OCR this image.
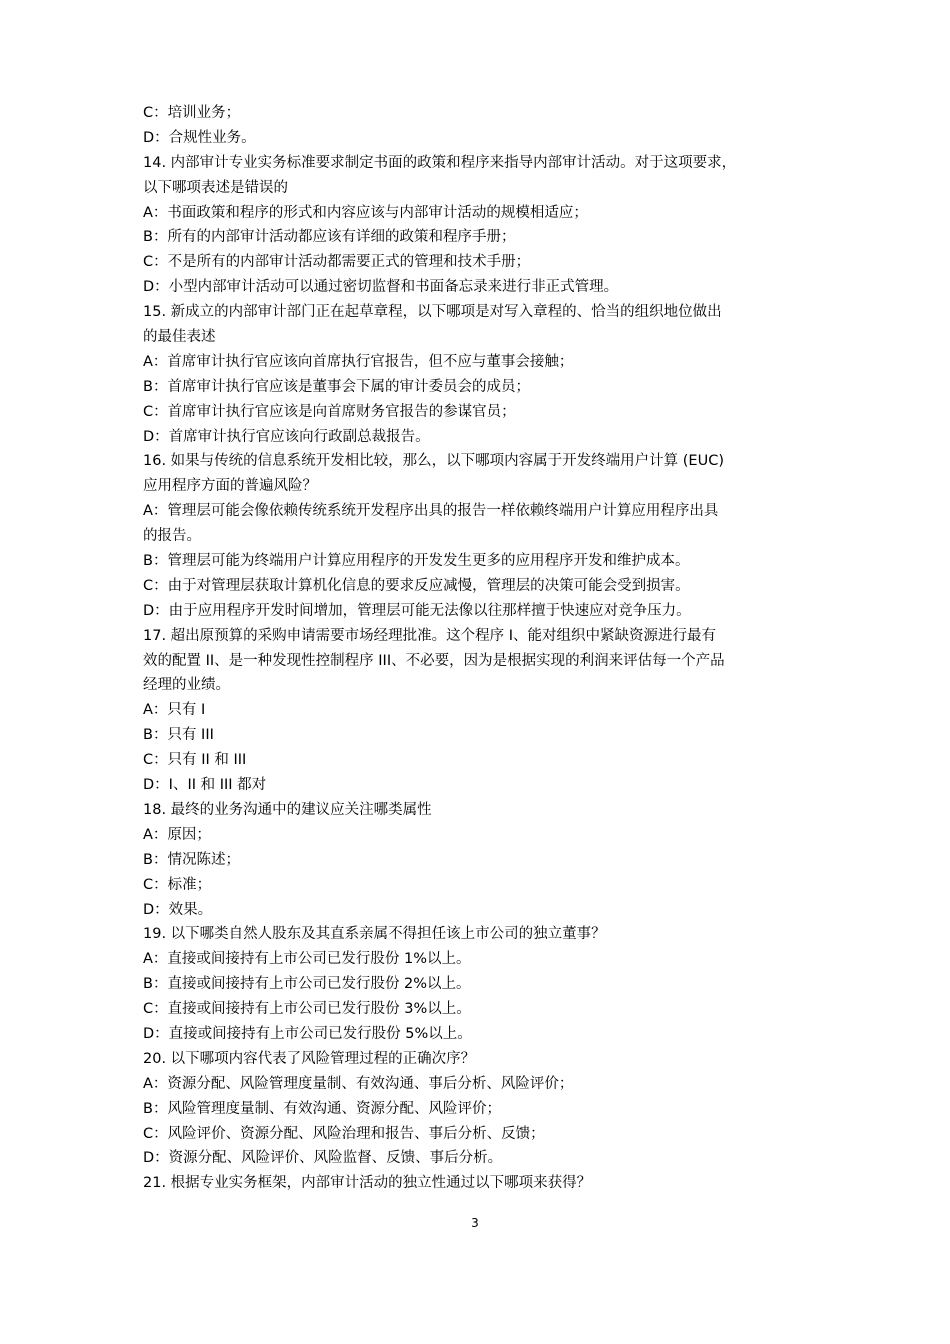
C：培训业务；
D：合规性业务。
14. 内部审计专业实务标准要求制定书面的政策和程序来指导内部审计活动。对于这项要求，
以下哪项表述是错误的
A：书面政策和程序的形式和内容应该与内部审计活动的规模相适应；
B：所有的内部审计活动都应该有详细的政策和程序手册；
C：不是所有的内部审计活动都需要正式的管理和技术手册；
D：小型内部审计活动可以通过密切监督和书面备忘录来进行非正式管理。
15. 新成立的内部审计部门正在起草章程，以下哪项是对写入章程的、恰当的组织地位做出
的最佳表述
A：首席审计执行官应该向首席执行官报告，但不应与董事会接触；
B：首席审计执行官应该是董事会下属的审计委员会的成员；
C：首席审计执行官应该是向首席财务官报告的参谋官员；
D：首席审计执行官应该向行政副总裁报告。
16. 如果与传统的信息系统开发相比较，那么，以下哪项内容属于开发终端用户计算 (EUC)
应用程序方面的普遍风险？
A：管理层可能会像依赖传统系统开发程序出具的报告一样依赖终端用户计算应用程序出具
的报告。
B：管理层可能为终端用户计算应用程序的开发发生更多的应用程序开发和维护成本。
C：由于对管理层获取计算机化信息的要求反应减慢，管理层的决策可能会受到损害。
D：由于应用程序开发时间增加，管理层可能无法像以往那样擅于快速应对竞争压力。
17. 超出原预算的采购申请需要市场经理批准。这个程序 I、能对组织中紧缺资源进行最有
效的配置 II、是一种发现性控制程序 III、不必要，因为是根据实现的利润来评估每一个产品
经理的业绩。
A：只有 I
B：只有 III
C：只有 II 和 III
D：I、II 和 III 都对
18. 最终的业务沟通中的建议应关注哪类属性
A：原因；
B：情况陈述；
C：标准；
D：效果。
19. 以下哪类自然人股东及其直系亲属不得担任该上市公司的独立董事？
A：直接或间接持有上市公司已发行股份 1%以上。
B：直接或间接持有上市公司已发行股份 2%以上。
C：直接或间接持有上市公司已发行股份 3%以上。
D：直接或间接持有上市公司已发行股份 5%以上。
20. 以下哪项内容代表了风险管理过程的正确次序？
A：资源分配、风险管理度量制、有效沟通、事后分析、风险评价；
B：风险管理度量制、有效沟通、资源分配、风险评价；
C：风险评价、资源分配、风险治理和报告、事后分析、反馈；
D：资源分配、风险评价、风险监督、反馈、事后分析。
21. 根据专业实务框架，内部审计活动的独立性通过以下哪项来获得？
3
